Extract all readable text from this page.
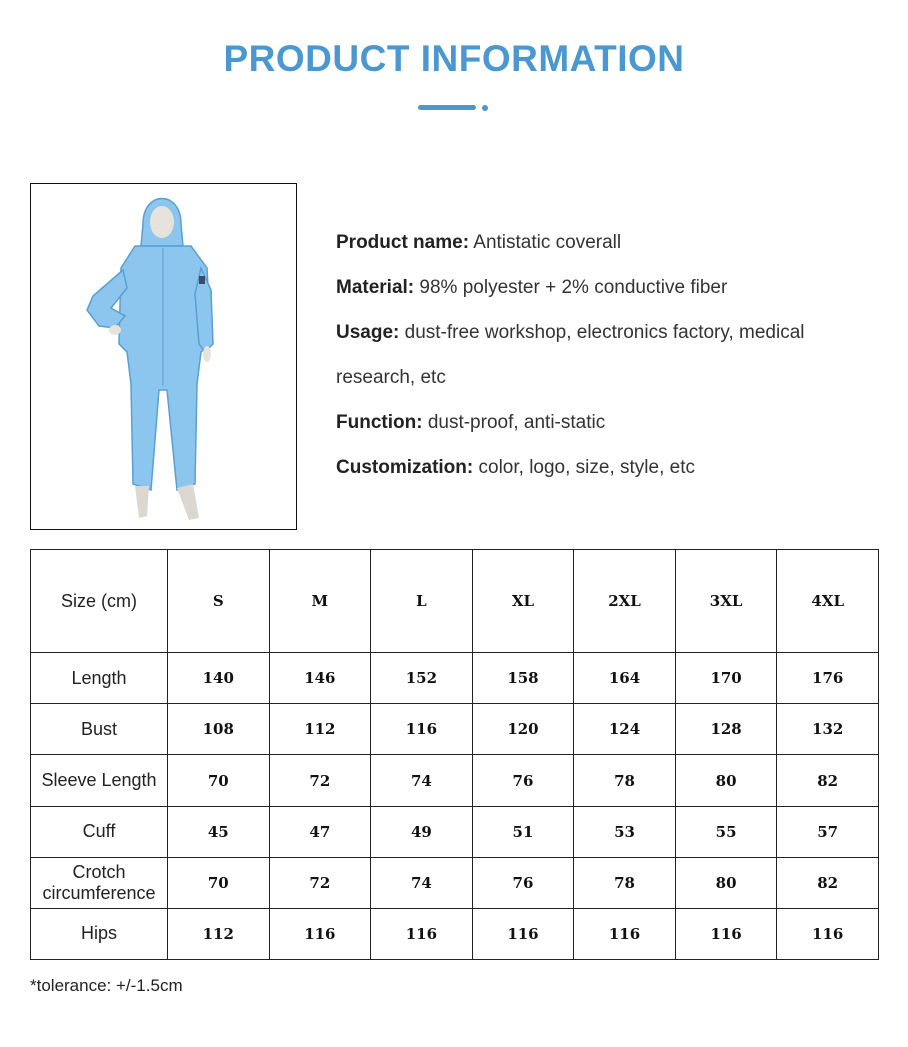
PRODUCT INFORMATION
Product name: Antistatic coverall
Material: 98% polyester + 2% conductive fiber
Usage: dust-free workshop, electronics factory, medical research, etc
Function: dust-proof, anti-static
Customization: color, logo, size, style, etc
Size (cm)	S	M	L	XL	2XL	3XL	4XL
Length	140	146	152	158	164	170	176
Bust	108	112	116	120	124	128	132
Sleeve Length	70	72	74	76	78	80	82
Cuff	45	47	49	51	53	55	57
Crotch circumference	70	72	74	76	78	80	82
Hips	112	116	116	116	116	116	116
*tolerance: +/-1.5cm
